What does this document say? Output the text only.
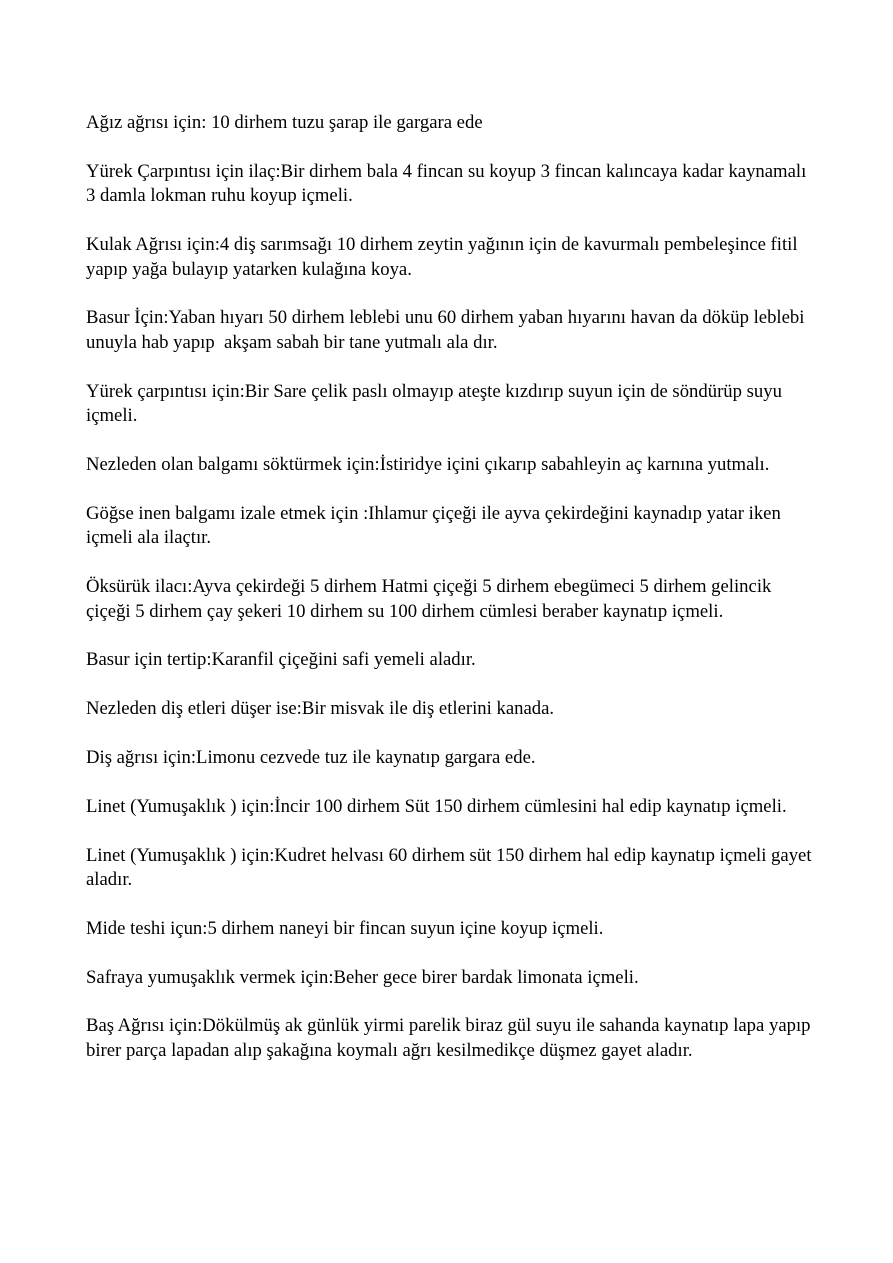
Ağız ağrısı için: 10 dirhem tuzu şarap ile gargara ede

Yürek Çarpıntısı için ilaç:Bir dirhem bala 4 fincan su koyup 3 fincan kalıncaya kadar kaynamalı 3 damla lokman ruhu koyup içmeli.

Kulak Ağrısı için:4 diş sarımsağı 10 dirhem zeytin yağının için de kavurmalı pembeleşince fitil yapıp yağa bulayıp yatarken kulağına koya.

Basur İçin:Yaban hıyarı 50 dirhem leblebi unu 60 dirhem yaban hıyarını havan da döküp leblebi unuyla hab yapıp  akşam sabah bir tane yutmalı ala dır.

Yürek çarpıntısı için:Bir Sare çelik paslı olmayıp ateşte kızdırıp suyun için de söndürüp suyu içmeli.

Nezleden olan balgamı söktürmek için:İstiridye içini çıkarıp sabahleyin aç karnına yutmalı.

Göğse inen balgamı izale etmek için :Ihlamur çiçeği ile ayva çekirdeğini kaynadıp yatar iken içmeli ala ilaçtır.

Öksürük ilacı:Ayva çekirdeği 5 dirhem Hatmi çiçeği 5 dirhem ebegümeci 5 dirhem gelincik çiçeği 5 dirhem çay şekeri 10 dirhem su 100 dirhem cümlesi beraber kaynatıp içmeli.

Basur için tertip:Karanfil çiçeğini safi yemeli aladır.

Nezleden diş etleri düşer ise:Bir misvak ile diş etlerini kanada.

Diş ağrısı için:Limonu cezvede tuz ile kaynatıp gargara ede.

Linet (Yumuşaklık ) için:İncir 100 dirhem Süt 150 dirhem cümlesini hal edip kaynatıp içmeli.

Linet (Yumuşaklık ) için:Kudret helvası 60 dirhem süt 150 dirhem hal edip kaynatıp içmeli gayet aladır.

Mide teshi içun:5 dirhem naneyi bir fincan suyun içine koyup içmeli.

Safraya yumuşaklık vermek için:Beher gece birer bardak limonata içmeli.

Baş Ağrısı için:Dökülmüş ak günlük yirmi parelik biraz gül suyu ile sahanda kaynatıp lapa yapıp birer parça lapadan alıp şakağına koymalı ağrı kesilmedikçe düşmez gayet aladır.
